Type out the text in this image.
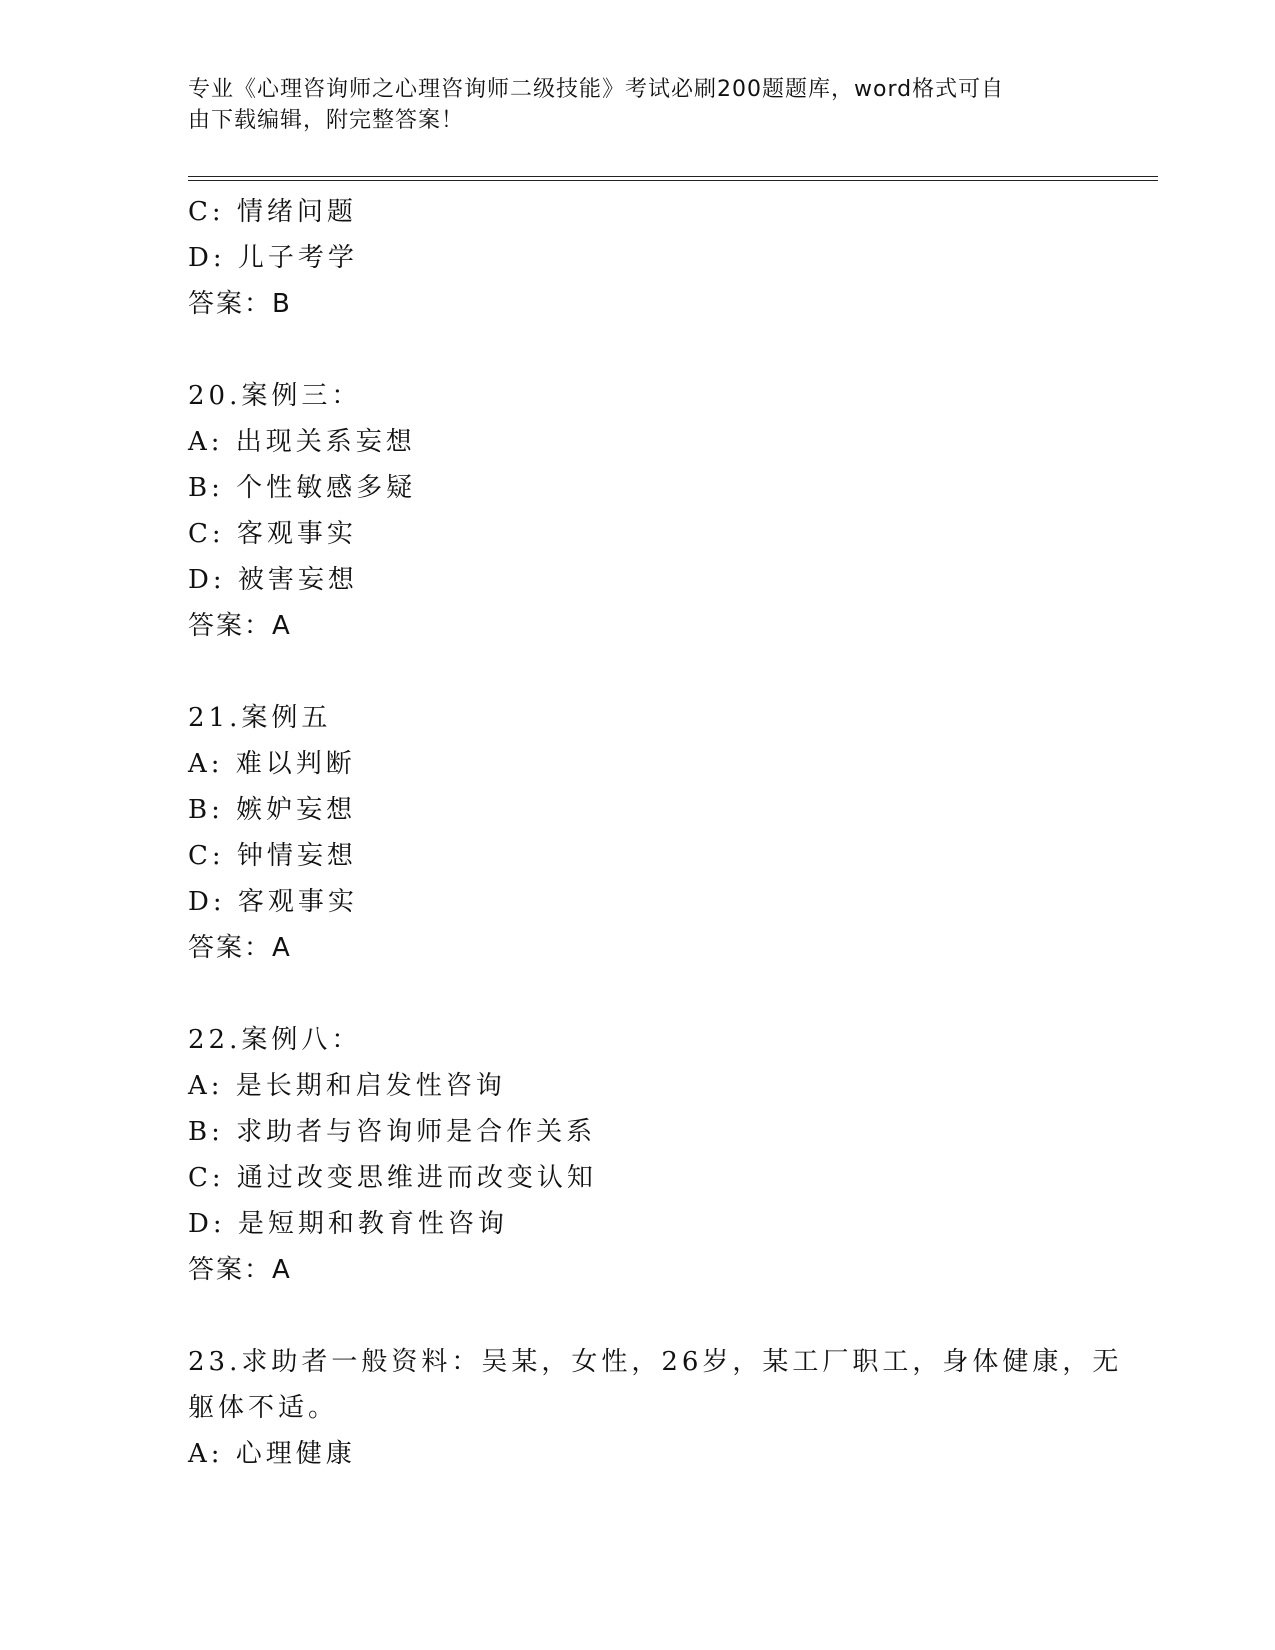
专业《心理咨询师之心理咨询师二级技能》考试必刷200题题库，word格式可自
由下载编辑，附完整答案！
C: 情绪问题
D: 儿子考学
答案：B
20.案例三：
A: 出现关系妄想
B: 个性敏感多疑
C: 客观事实
D: 被害妄想
答案：A
21.案例五
A: 难以判断
B: 嫉妒妄想
C: 钟情妄想
D: 客观事实
答案：A
22.案例八：
A: 是长期和启发性咨询
B: 求助者与咨询师是合作关系
C: 通过改变思维进而改变认知
D: 是短期和教育性咨询
答案：A
23.求助者一般资料：吴某，女性，26岁，某工厂职工，身体健康，无
躯体不适。
A: 心理健康
